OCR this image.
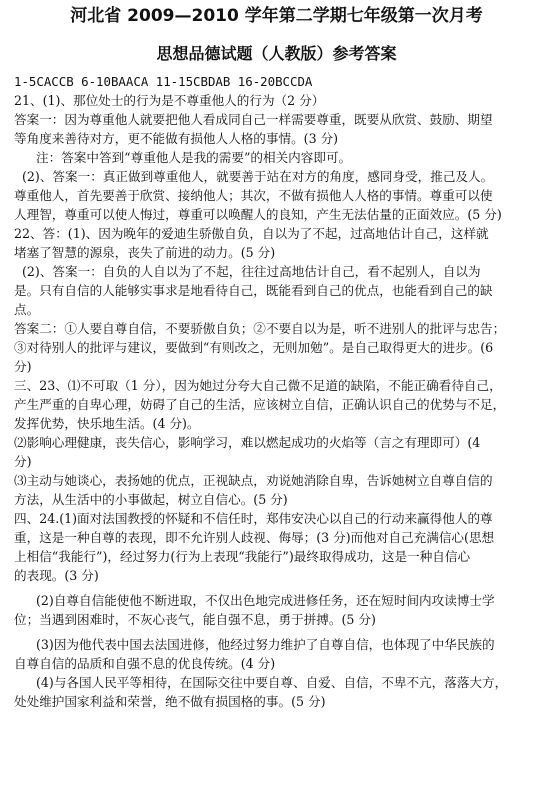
河北省 2009—2010 学年第二学期七年级第一次月考

思想品德试题（人教版）参考答案

1-5CACCB 6-10BAACA 11-15CBDAB 16-20BCCDA

21、(1)、那位处士的行为是不尊重他人的行为（2 分）

答案一：因为尊重他人就要把他人看成同自己一样需要尊重，既要从欣赏、鼓励、期望

等角度来善待对方，更不能做有损他人人格的事情。(3 分)

注：答案中答到“尊重他人是我的需要”的相关内容即可。

(2)、答案一：真正做到尊重他人，就要善于站在对方的角度，感同身受，推己及人。

尊重他人，首先要善于欣赏、接纳他人；其次，不做有损他人人格的事情。尊重可以使

人理智，尊重可以使人悔过，尊重可以唤醒人的良知，产生无法估量的正面效应。(5 分)

22、答：(1)、因为晚年的爱迪生骄傲自负，自以为了不起，过高地估计自己，这样就

堵塞了智慧的源泉，丧失了前进的动力。(5 分)

(2)、答案一：自负的人自以为了不起，往往过高地估计自己，看不起别人，自以为

是。只有自信的人能够实事求是地看待自己，既能看到自己的优点，也能看到自己的缺

点。

答案二：①人要自尊自信，不要骄傲自负；②不要自以为是，听不进别人的批评与忠告；

③对待别人的批评与建议，要做到“有则改之，无则加勉”。是自己取得更大的进步。(6

分)

三、23、⑴不可取（1 分），因为她过分夸大自己微不足道的缺陷，不能正确看待自己，

产生严重的自卑心理，妨碍了自己的生活，应该树立自信，正确认识自己的优势与不足，

发挥优势，快乐地生活。(4 分)。

⑵影响心理健康，丧失信心，影响学习，难以燃起成功的火焰等（言之有理即可）(4

分)

⑶主动与她谈心，表扬她的优点，正视缺点，劝说她消除自卑，告诉她树立自尊自信的

方法，从生活中的小事做起，树立自信心。(5 分)

四、24.(1)面对法国教授的怀疑和不信任时，郑伟安决心以自己的行动来赢得他人的尊

重，这是一种自尊的表现，即不允许别人歧视、侮辱；(3 分)而他对自己充满信心(思想

上相信“我能行”)，经过努力(行为上表现“我能行”)最终取得成功，这是一种自信心

的表现。(3 分)

(2)自尊自信能使他不断进取，不仅出色地完成进修任务，还在短时间内攻读博士学

位；当遇到困难时，不灰心丧气，能自强不息，勇于拼搏。(5 分)

(3)因为他代表中国去法国进修，他经过努力维护了自尊自信，也体现了中华民族的

自尊自信的品质和自强不息的优良传统。(4 分)

(4)与各国人民平等相待，在国际交往中要自尊、自爱、自信，不卑不亢，落落大方，

处处维护国家利益和荣誉，绝不做有损国格的事。(5 分)
